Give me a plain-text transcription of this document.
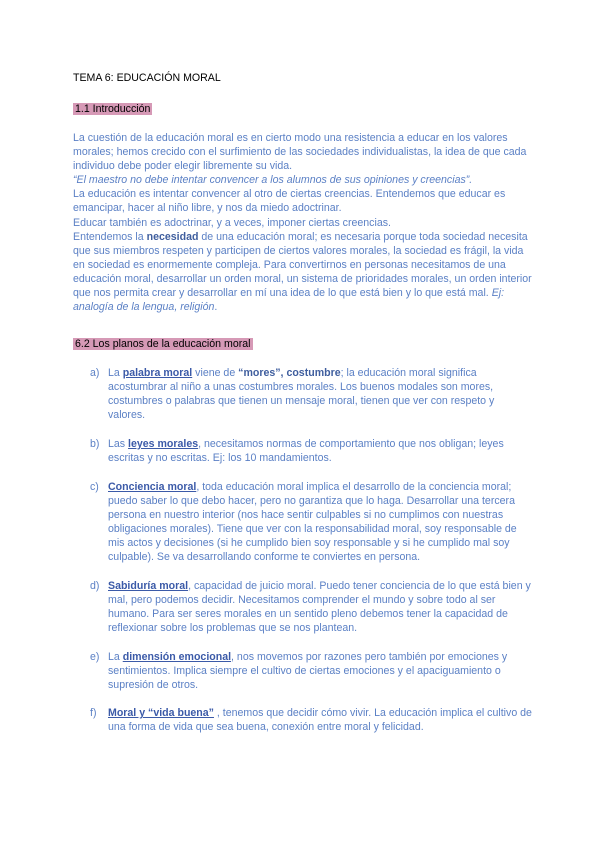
TEMA 6: EDUCACIÓN MORAL
1.1 Introducción

La cuestión de la educación moral es en cierto modo una resistencia a educar en los valores morales; hemos crecido con el surfimiento de las sociedades individualistas, la idea de que cada individuo debe poder elegir libremente su vida.

“El maestro no debe intentar convencer a los alumnos de sus opiniones y creencias”.

La educación es intentar convencer al otro de ciertas creencias. Entendemos que educar es emancipar, hacer al niño libre, y nos da miedo adoctrinar.

Educar también es adoctrinar, y a veces, imponer ciertas creencias.

Entendemos la necesidad de una educación moral; es necesaria porque toda sociedad necesita que sus miembros respeten y participen de ciertos valores morales, la sociedad es frágil, la vida en sociedad es enormemente compleja. Para convertirnos en personas necesitamos de una educación moral, desarrollar un orden moral, un sistema de prioridades morales, un orden interior que nos permita crear y desarrollar en mí una idea de lo que está bien y lo que está mal. Ej: analogía de la lengua, religión.

6.2 Los planos de la educación moral
a) La palabra moral viene de “mores”, costumbre; la educación moral significa acostumbrar al niño a unas costumbres morales. Los buenos modales son mores, costumbres o palabras que tienen un mensaje moral, tienen que ver con respeto y valores.
b) Las leyes morales, necesitamos normas de comportamiento que nos obligan; leyes escritas y no escritas. Ej: los 10 mandamientos.
c) Conciencia moral, toda educación moral implica el desarrollo de la conciencia moral; puedo saber lo que debo hacer, pero no garantiza que lo haga. Desarrollar una tercera persona en nuestro interior (nos hace sentir culpables si no cumplimos con nuestras obligaciones morales). Tiene que ver con la responsabilidad moral, soy responsable de mis actos y decisiones (si he cumplido bien soy responsable y si he cumplido mal soy culpable). Se va desarrollando conforme te conviertes en persona.
d) Sabiduría moral, capacidad de juicio moral. Puedo tener conciencia de lo que está bien y mal, pero podemos decidir. Necesitamos comprender el mundo y sobre todo al ser humano. Para ser seres morales en un sentido pleno debemos tener la capacidad de reflexionar sobre los problemas que se nos plantean.
e) La dimensión emocional, nos movemos por razones pero también por emociones y sentimientos. Implica siempre el cultivo de ciertas emociones y el apaciguamiento o supresión de otros.
f) Moral y “vida buena” , tenemos que decidir cómo vivir. La educación implica el cultivo de una forma de vida que sea buena, conexión entre moral y felicidad.
